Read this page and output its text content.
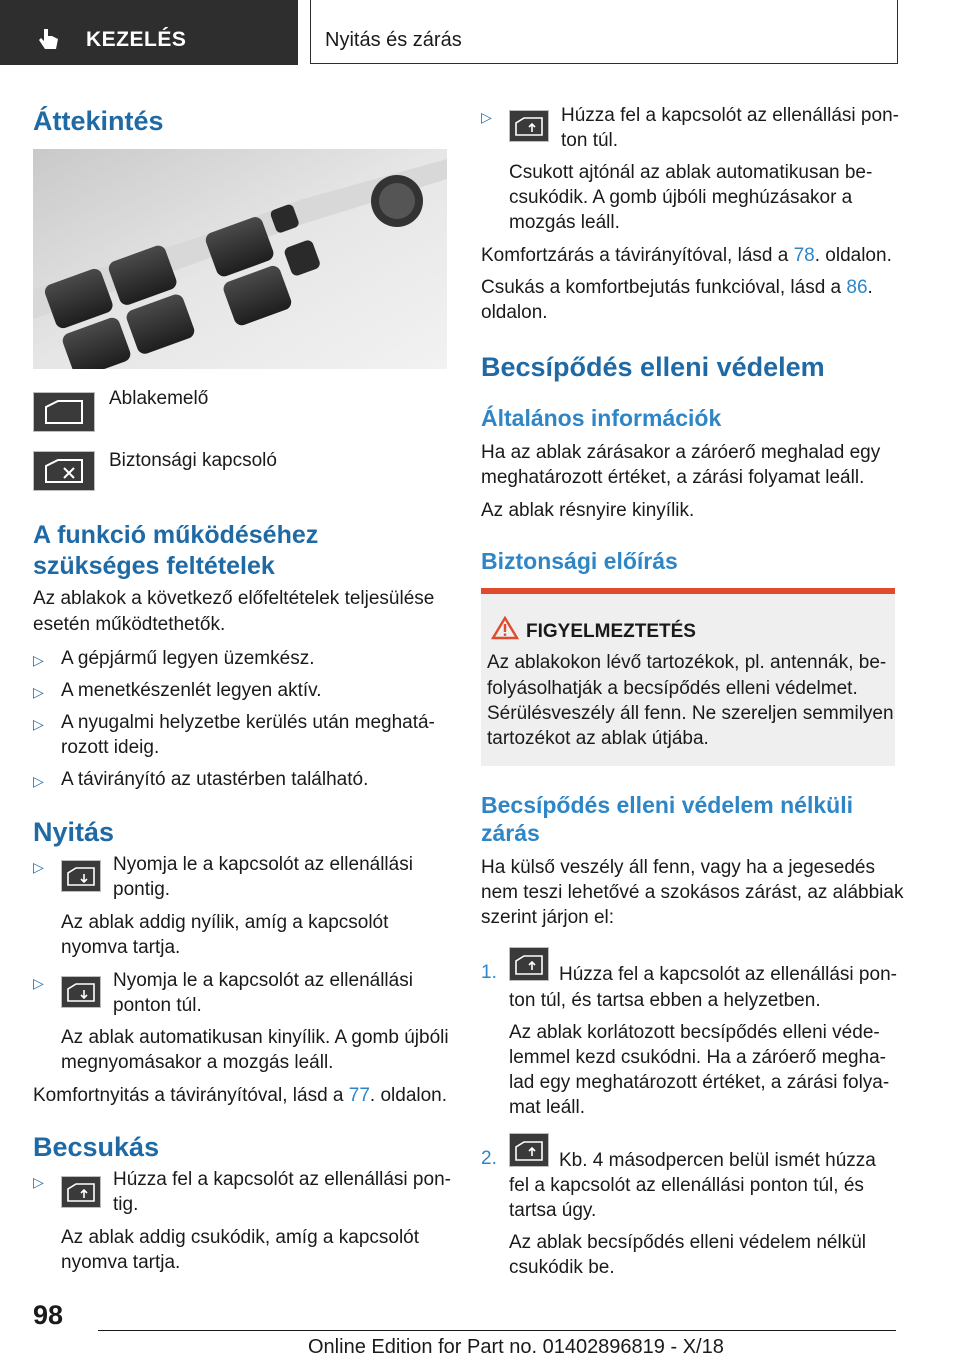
KEZELÉS	Nyitás és zárás
Áttekintés
Ablakemelő
Biztonsági kapcsoló
A funkció működéséhez
szükséges feltételek
Az ablakok a következő előfeltételek teljesülése
esetén működtethetők.
▷ A gépjármű legyen üzemkész.
▷ A menetkészenlét legyen aktív.
▷ A nyugalmi helyzetbe kerülés után meghatá-
rozott ideig.
▷ A távirányító az utastérben található.
Nyitás
▷	Nyomja le a kapcsolót az ellenállási
pontig.
Az ablak addig nyílik, amíg a kapcsolót
nyomva tartja.
▷	Nyomja le a kapcsolót az ellenállási
ponton túl.
Az ablak automatikusan kinyílik. A gomb újbóli
megnyomásakor a mozgás leáll.
Komfortnyitás a távirányítóval, lásd a 77. oldalon.
Becsukás
▷	Húzza fel a kapcsolót az ellenállási pon-
tig.
Az ablak addig csukódik, amíg a kapcsolót
nyomva tartja.
▷	Húzza fel a kapcsolót az ellenállási pon-
ton túl.
Csukott ajtónál az ablak automatikusan be-
csukódik. A gomb újbóli meghúzásakor a
mozgás leáll.
Komfortzárás a távirányítóval, lásd a 78. oldalon.
Csukás a komfortbejutás funkcióval, lásd a 86.
oldalon.
Becsípődés elleni védelem
Általános információk
Ha az ablak zárásakor a záróerő meghalad egy
meghatározott értéket, a zárási folyamat leáll.
Az ablak résnyire kinyílik.
Biztonsági előírás
FIGYELMEZTETÉS
Az ablakokon lévő tartozékok, pl. antennák, be-
folyásolhatják a becsípődés elleni védelmet.
Sérülésveszély áll fenn. Ne szereljen semmilyen
tartozékot az ablak útjába.
Becsípődés elleni védelem nélküli
zárás
Ha külső veszély áll fenn, vagy ha a jegesedés
nem teszi lehetővé a szokásos zárást, az alábbiak
szerint járjon el:
1.	Húzza fel a kapcsolót az ellenállási pon-
ton túl, és tartsa ebben a helyzetben.
Az ablak korlátozott becsípődés elleni véde-
lemmel kezd csukódni. Ha a záróerő megha-
lad egy meghatározott értéket, a zárási folya-
mat leáll.
2.	Kb. 4 másodpercen belül ismét húzza
fel a kapcsolót az ellenállási ponton túl, és
tartsa úgy.
Az ablak becsípődés elleni védelem nélkül
csukódik be.
98
Online Edition for Part no. 01402896819 - X/18
